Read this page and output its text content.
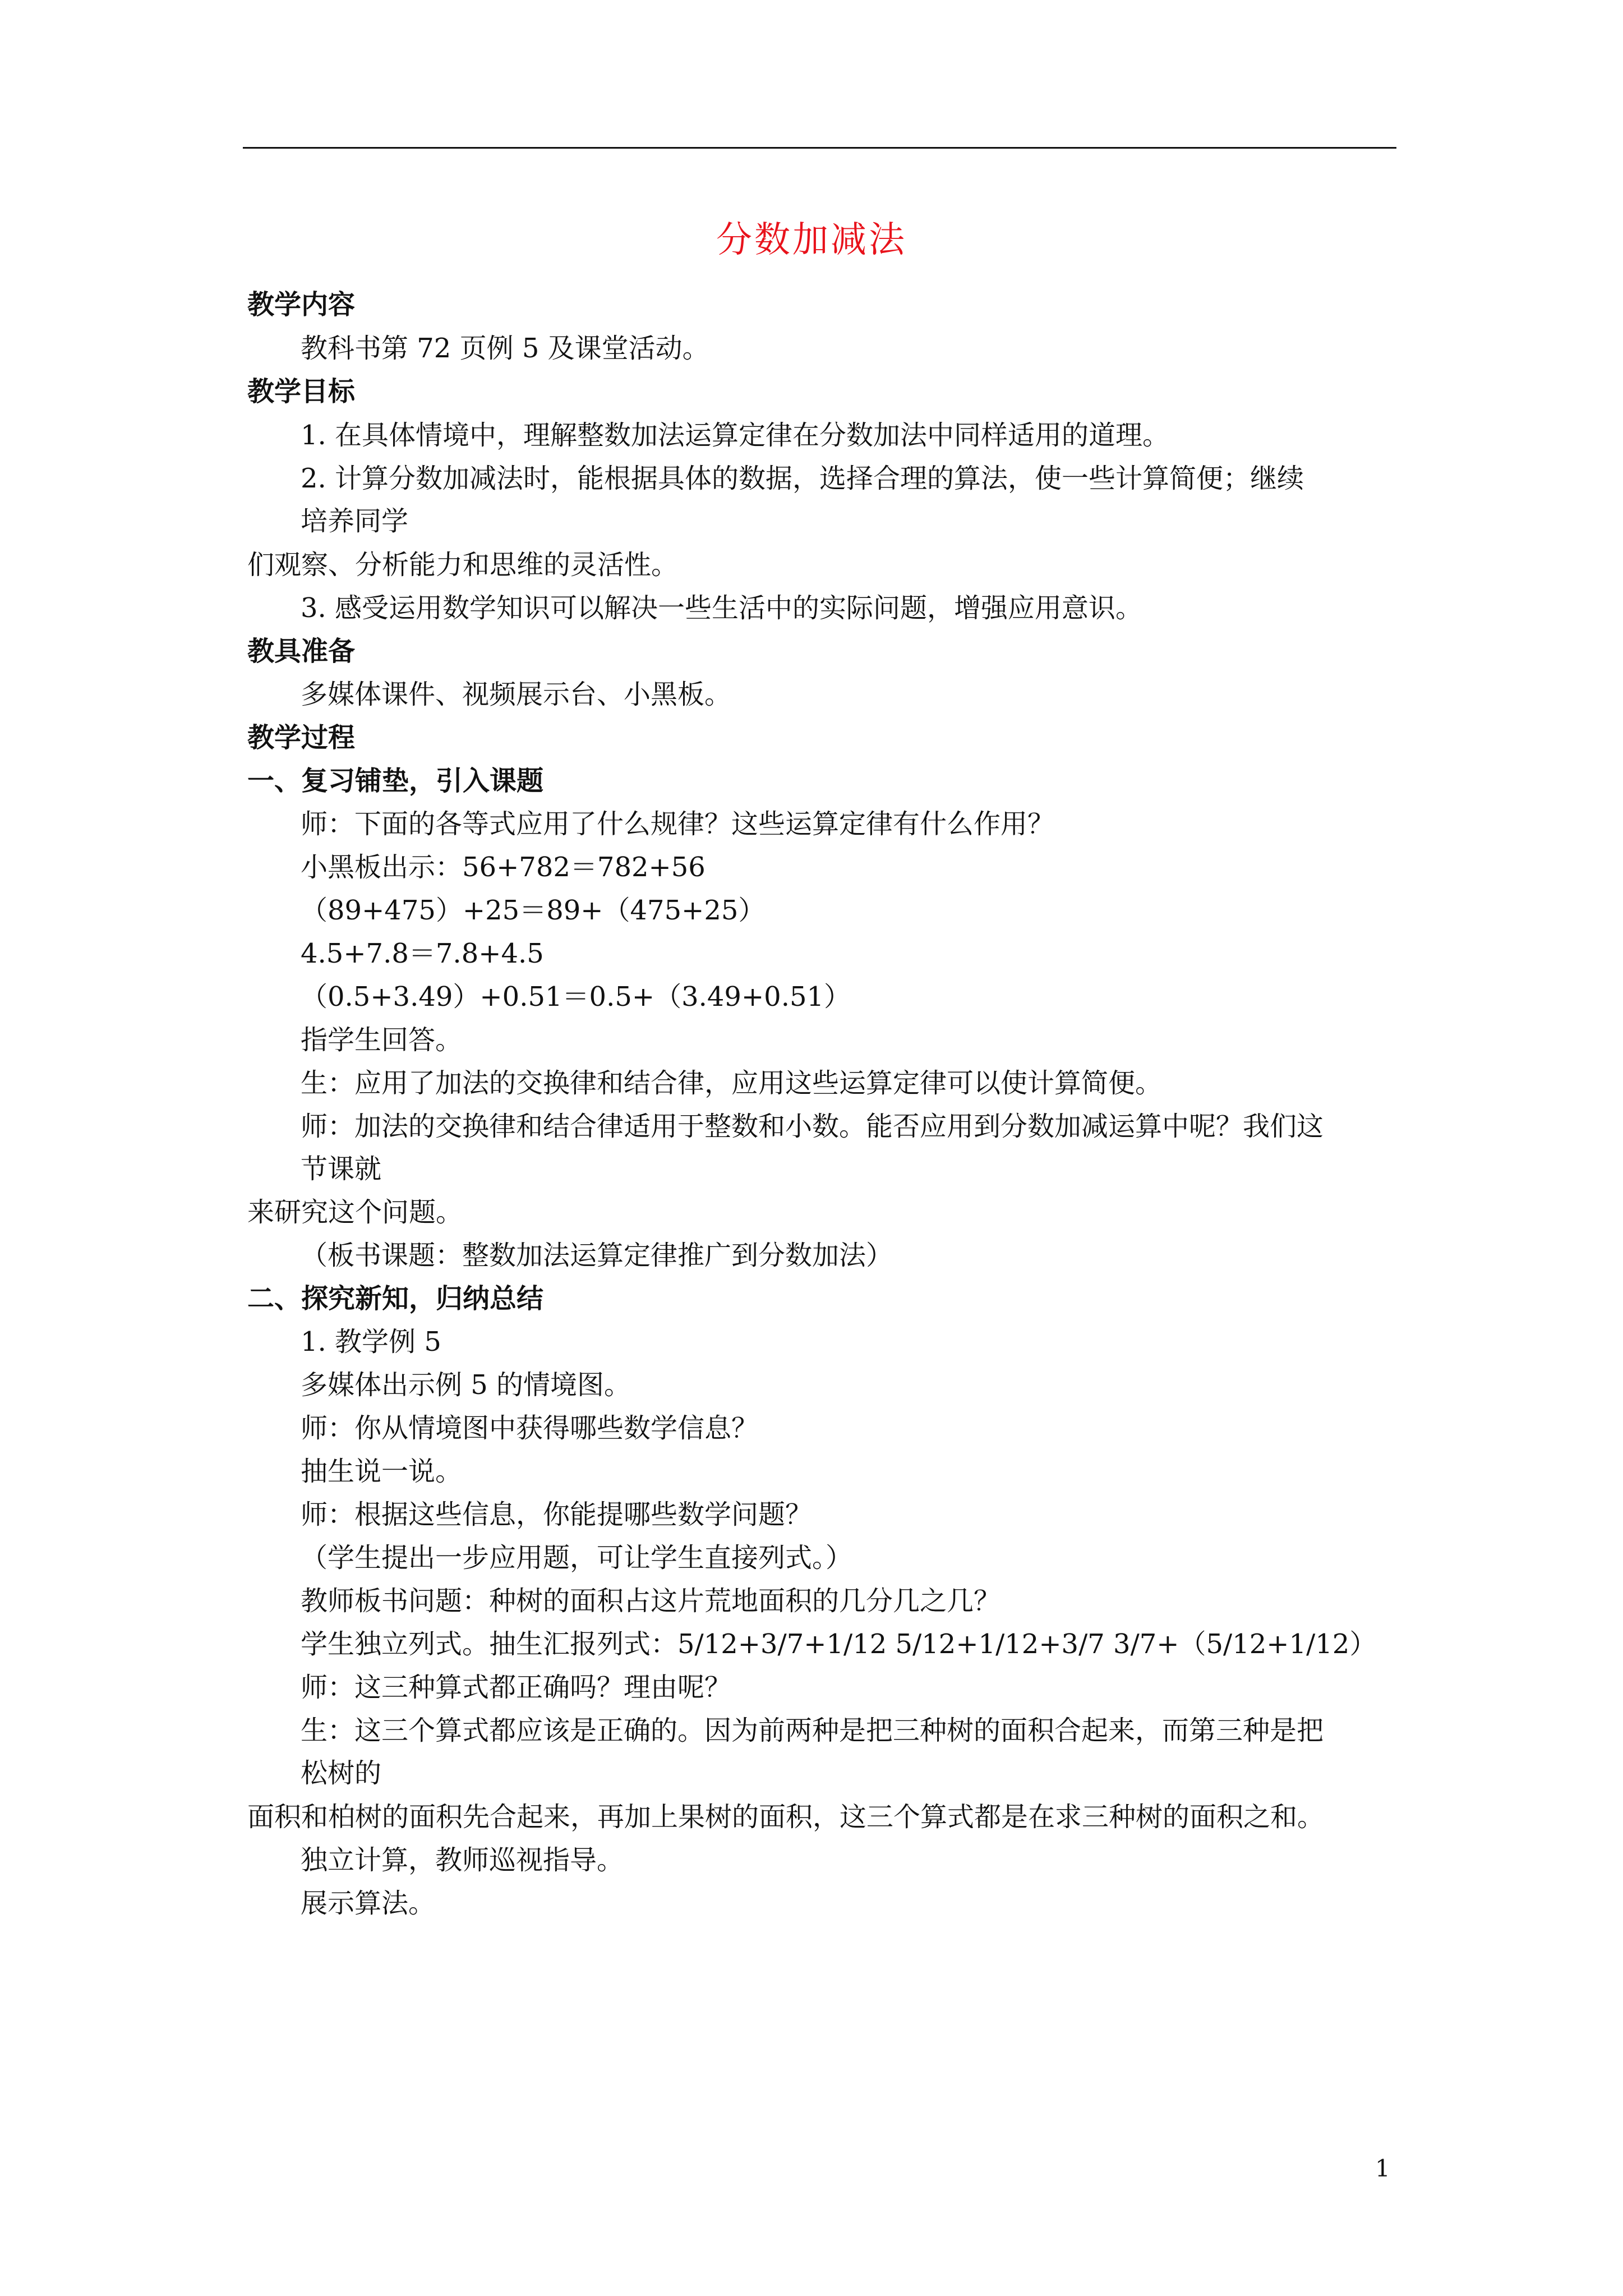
分数加减法
教学内容
教科书第 72 页例 5 及课堂活动。
教学目标
1. 在具体情境中，理解整数加法运算定律在分数加法中同样适用的道理。
2. 计算分数加减法时，能根据具体的数据，选择合理的算法，使一些计算简便；继续
培养同学
们观察、分析能力和思维的灵活性。
3. 感受运用数学知识可以解决一些生活中的实际问题，增强应用意识。
教具准备
多媒体课件、视频展示台、小黑板。
教学过程
一、复习铺垫，引入课题
师：下面的各等式应用了什么规律？这些运算定律有什么作用？
小黑板出示：56+782＝782+56
（89+475）+25＝89+（475+25）
4.5+7.8＝7.8+4.5
（0.5+3.49）+0.51＝0.5+（3.49+0.51）
指学生回答。
生：应用了加法的交换律和结合律，应用这些运算定律可以使计算简便。
师：加法的交换律和结合律适用于整数和小数。能否应用到分数加减运算中呢？我们这
节课就
来研究这个问题。
（板书课题：整数加法运算定律推广到分数加法）
二、探究新知，归纳总结
1. 教学例 5
多媒体出示例 5 的情境图。
师：你从情境图中获得哪些数学信息？
抽生说一说。
师：根据这些信息，你能提哪些数学问题？
（学生提出一步应用题，可让学生直接列式。）
教师板书问题：种树的面积占这片荒地面积的几分几之几？
学生独立列式。抽生汇报列式：5/12+3/7+1/12 5/12+1/12+3/7 3/7+（5/12+1/12）
师：这三种算式都正确吗？理由呢？
生：这三个算式都应该是正确的。因为前两种是把三种树的面积合起来，而第三种是把
松树的
面积和柏树的面积先合起来，再加上果树的面积，这三个算式都是在求三种树的面积之和。
独立计算，教师巡视指导。
展示算法。
1
